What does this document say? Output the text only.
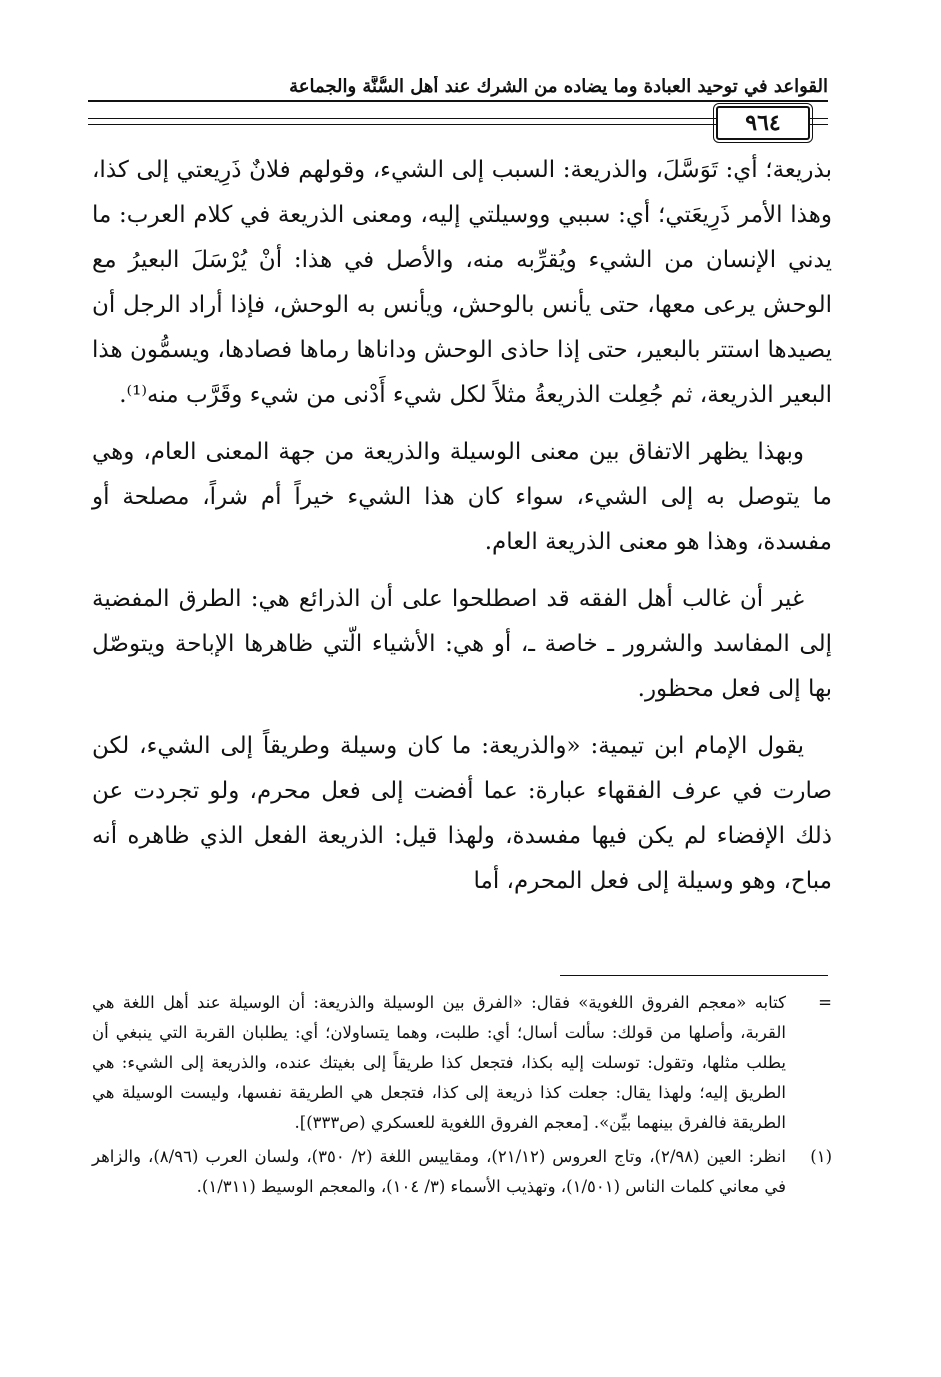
القواعد في توحيد العبادة وما يضاده من الشرك عند أهل السُّنَّة والجماعة
٩٦٤

بذريعة؛ أي: تَوَسَّلَ، والذريعة: السبب إلى الشيء، وقولهم فلانٌ ذَرِيعتي إلى كذا، وهذا الأمر ذَرِيعَتي؛ أي: سببي ووسيلتي إليه، ومعنى الذريعة في كلام العرب: ما يدني الإنسان من الشيء ويُقرِّبه منه، والأصل في هذا: أنْ يُرْسَلَ البعيرُ مع الوحش يرعى معها، حتى يأنس بالوحش، ويأنس به الوحش، فإذا أراد الرجل أن يصيدها استتر بالبعير، حتى إذا حاذى الوحش وداناها رماها فصادها، ويسمُّون هذا البعير الذريعة، ثم جُعِلت الذريعةُ مثلاً لكل شيء أَدْنى من شيء وقَرَّب منه⁽¹⁾.

وبهذا يظهر الاتفاق بين معنى الوسيلة والذريعة من جهة المعنى العام، وهي ما يتوصل به إلى الشيء، سواء كان هذا الشيء خيراً أم شراً، مصلحة أو مفسدة، وهذا هو معنى الذريعة العام.

غير أن غالب أهل الفقه قد اصطلحوا على أن الذرائع هي: الطرق المفضية إلى المفاسد والشرور ـ خاصة ـ، أو هي: الأشياء الّتي ظاهرها الإباحة ويتوصّل بها إلى فعل محظور.

يقول الإمام ابن تيمية: «والذريعة: ما كان وسيلة وطريقاً إلى الشيء، لكن صارت في عرف الفقهاء عبارة: عما أفضت إلى فعل محرم، ولو تجردت عن ذلك الإفضاء لم يكن فيها مفسدة، ولهذا قيل: الذريعة الفعل الذي ظاهره أنه مباح، وهو وسيلة إلى فعل المحرم، أما

=
كتابه «معجم الفروق اللغوية» فقال: «الفرق بين الوسيلة والذريعة: أن الوسيلة عند أهل اللغة هي القربة، وأصلها من قولك: سألت أسال؛ أي: طلبت، وهما يتساولان؛ أي: يطلبان القربة التي ينبغي أن يطلب مثلها، وتقول: توسلت إليه بكذا، فتجعل كذا طريقاً إلى بغيتك عنده، والذريعة إلى الشيء: هي الطريق إليه؛ ولهذا يقال: جعلت كذا ذريعة إلى كذا، فتجعل هي الطريقة نفسها، وليست الوسيلة هي الطريقة فالفرق بينهما بيِّن». [معجم الفروق اللغوية للعسكري (ص٣٣٣)].
(١)
انظر: العين (٢/٩٨)، وتاج العروس (٢١/١٢)، ومقاييس اللغة (٢/ ٣٥٠)، ولسان العرب (٨/٩٦)، والزاهر في معاني كلمات الناس (١/٥٠١)، وتهذيب الأسماء (٣/ ١٠٤)، والمعجم الوسيط (١/٣١١).
